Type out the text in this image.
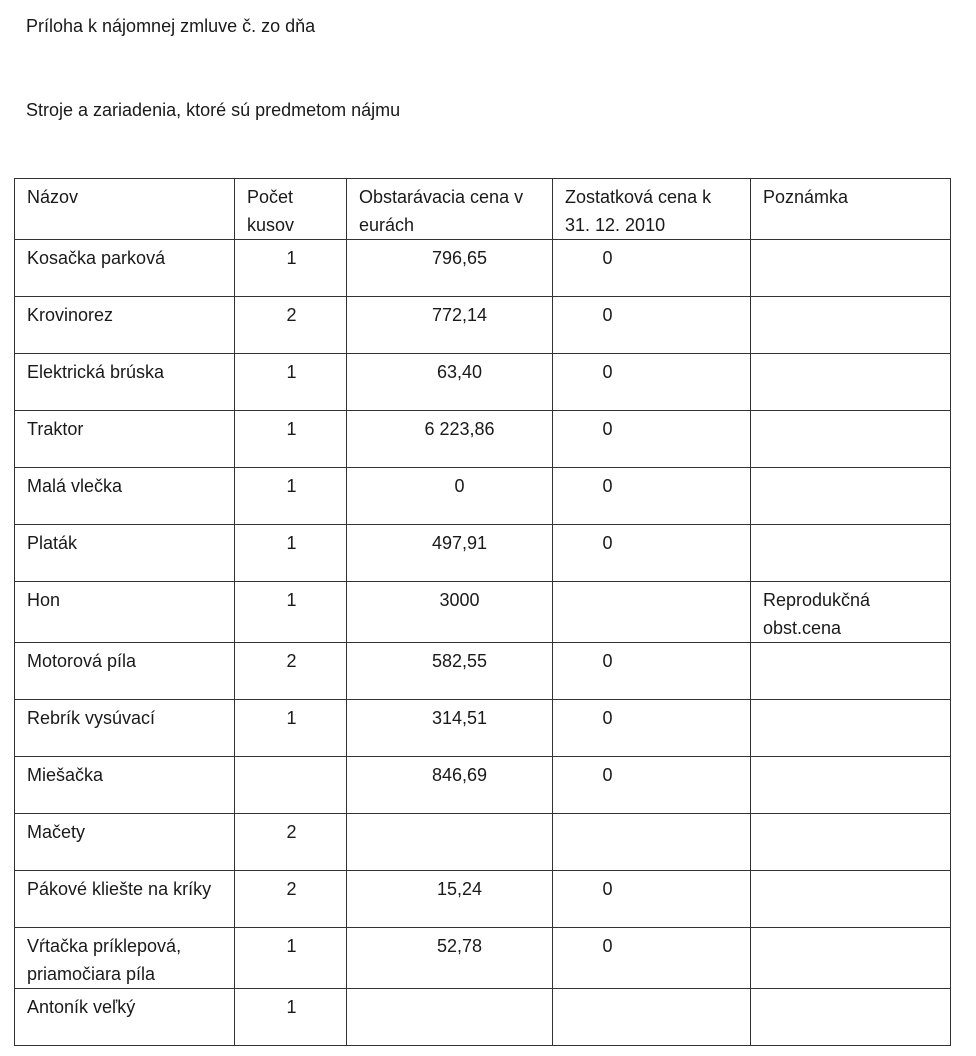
Príloha k nájomnej zmluve č. zo dňa
Stroje a zariadenia, ktoré sú predmetom nájmu
Názov	Počet kusov	Obstarávacia cena v eurách	Zostatková cena k 31. 12. 2010	Poznámka
Kosačka parková	1	796,65	0	
Krovinorez	2	772,14	0	
Elektrická brúska	1	63,40	0	
Traktor	1	6 223,86	0	
Malá vlečka	1	0	0	
Platák	1	497,91	0	
Hon	1	3000		Reprodukčná obst.cena
Motorová píla	2	582,55	0	
Rebrík vysúvací	1	314,51	0	
Miešačka		846,69	0	
Mačety	2			
Pákové kliešte na kríky	2	15,24	0	
Vŕtačka príklepová, priamočiara píla	1	52,78	0	
Antoník veľký	1			
